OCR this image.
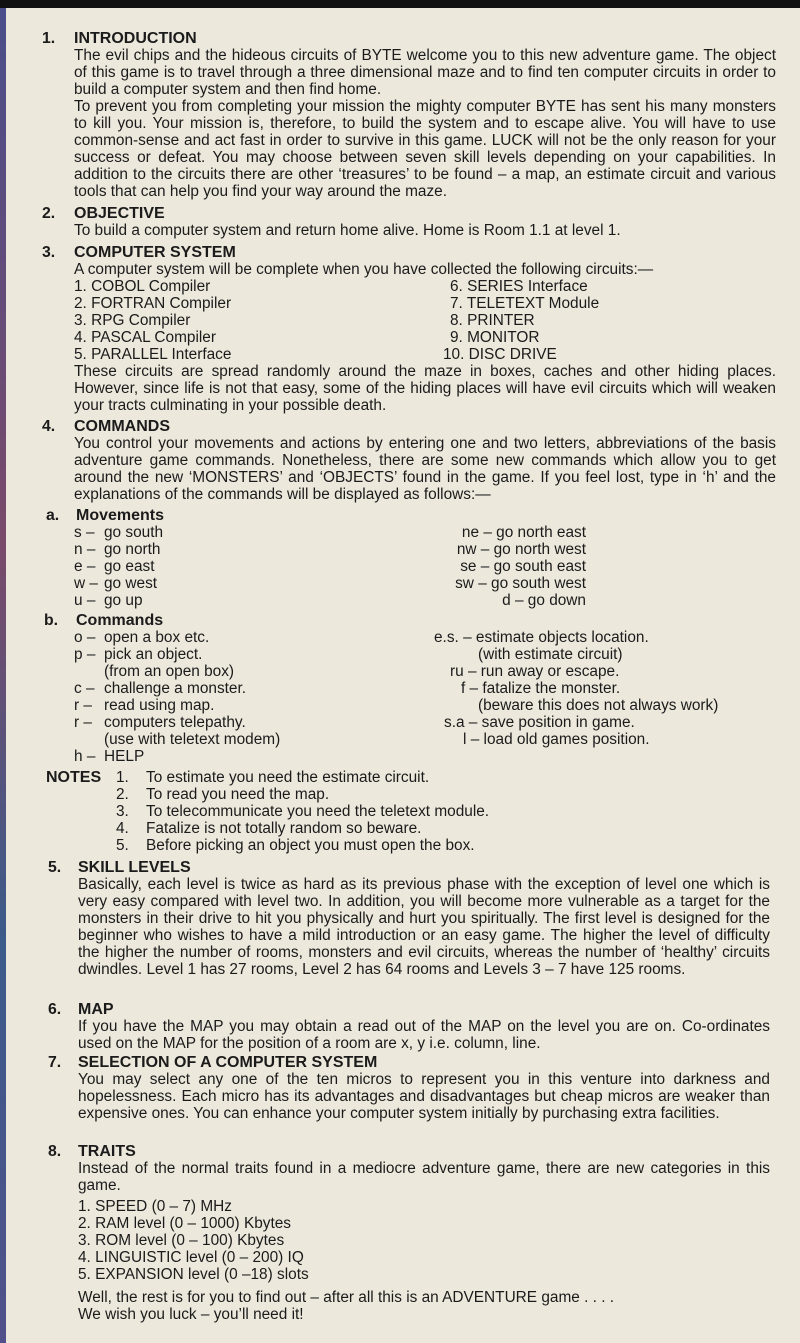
1. INTRODUCTION
The evil chips and the hideous circuits of BYTE welcome you to this new adventure game. The object of this game is to travel through a three dimensional maze and to find ten computer circuits in order to build a computer system and then find home.
To prevent you from completing your mission the mighty computer BYTE has sent his many monsters to kill you. Your mission is, therefore, to build the system and to escape alive. You will have to use common-sense and act fast in order to survive in this game. LUCK will not be the only reason for your success or defeat. You may choose between seven skill levels depending on your capabilities. In addition to the circuits there are other ‘treasures’ to be found – a map, an estimate circuit and various tools that can help you find your way around the maze.
2. OBJECTIVE
To build a computer system and return home alive. Home is Room 1.1 at level 1.
3. COMPUTER SYSTEM
A computer system will be complete when you have collected the following circuits:—
1. COBOL Compiler
2. FORTRAN Compiler
3. RPG Compiler
4. PASCAL Compiler
5. PARALLEL Interface
6. SERIES Interface
7. TELETEXT Module
8. PRINTER
9. MONITOR
10. DISC DRIVE
These circuits are spread randomly around the maze in boxes, caches and other hiding places. However, since life is not that easy, some of the hiding places will have evil circuits which will weaken your tracts culminating in your possible death.
4. COMMANDS
You control your movements and actions by entering one and two letters, abbreviations of the basis adventure game commands. Nonetheless, there are some new commands which allow you to get around the new ‘MONSTERS’ and ‘OBJECTS’ found in the game. If you feel lost, type in ‘h’ and the explanations of the commands will be displayed as follows:—
a. Movements
s – go south
n – go north
e – go east
w – go west
u – go up
ne – go north east
nw – go north west
se – go south east
sw – go south west
d – go down
b. Commands
o – open a box etc.
p – pick an object.
(from an open box)
c – challenge a monster.
r – read using map.
r – computers telepathy.
(use with teletext modem)
h – HELP
e.s. – estimate objects location.
(with estimate circuit)
ru – run away or escape.
f – fatalize the monster.
(beware this does not always work)
s.a – save position in game.
l – load old games position.
NOTES 1. To estimate you need the estimate circuit.
2. To read you need the map.
3. To telecommunicate you need the teletext module.
4. Fatalize is not totally random so beware.
5. Before picking an object you must open the box.
5. SKILL LEVELS
Basically, each level is twice as hard as its previous phase with the exception of level one which is very easy compared with level two. In addition, you will become more vulnerable as a target for the monsters in their drive to hit you physically and hurt you spiritually. The first level is designed for the beginner who wishes to have a mild introduction or an easy game. The higher the level of difficulty the higher the number of rooms, monsters and evil circuits, whereas the number of ‘healthy’ circuits dwindles. Level 1 has 27 rooms, Level 2 has 64 rooms and Levels 3 – 7 have 125 rooms.
6. MAP
If you have the MAP you may obtain a read out of the MAP on the level you are on. Co-ordinates used on the MAP for the position of a room are x, y i.e. column, line.
7. SELECTION OF A COMPUTER SYSTEM
You may select any one of the ten micros to represent you in this venture into darkness and hopelessness. Each micro has its advantages and disadvantages but cheap micros are weaker than expensive ones. You can enhance your computer system initially by purchasing extra facilities.
8. TRAITS
Instead of the normal traits found in a mediocre adventure game, there are new categories in this game.
1. SPEED (0 – 7) MHz
2. RAM level (0 – 1000) Kbytes
3. ROM level (0 – 100) Kbytes
4. LINGUISTIC level (0 – 200) IQ
5. EXPANSION level (0 –18) slots
Well, the rest is for you to find out – after all this is an ADVENTURE game . . . .
We wish you luck – you’ll need it!
